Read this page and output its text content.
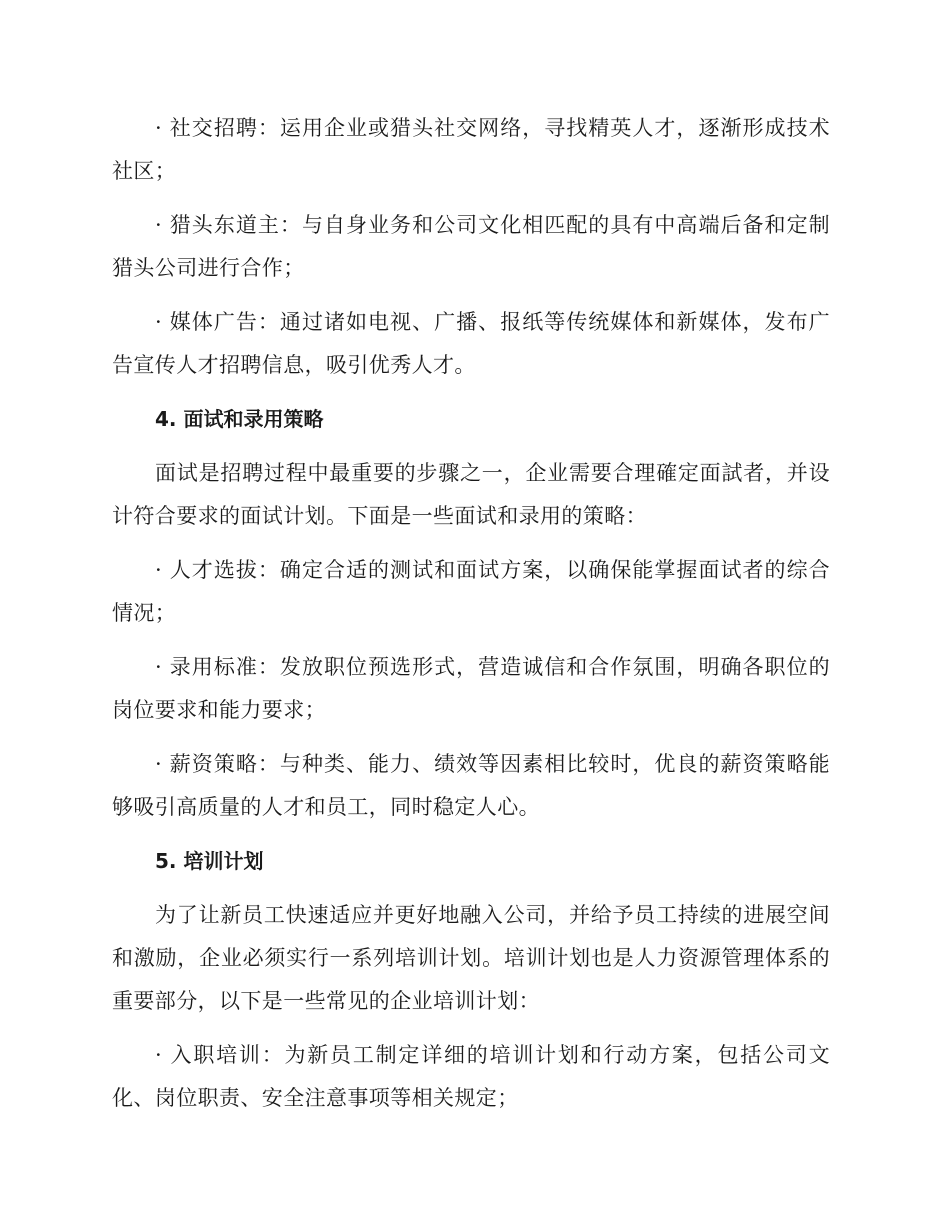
· 社交招聘：运用企业或猎头社交网络，寻找精英人才，逐渐形成技术社区；

· 猎头东道主：与自身业务和公司文化相匹配的具有中高端后备和定制猎头公司进行合作；

· 媒体广告：通过诸如电视、广播、报纸等传统媒体和新媒体，发布广告宣传人才招聘信息，吸引优秀人才。

4. 面试和录用策略

面试是招聘过程中最重要的步骤之一，企业需要合理確定面試者，并设计符合要求的面试计划。下面是一些面试和录用的策略：

· 人才选拔：确定合适的测试和面试方案，以确保能掌握面试者的综合情况；

· 录用标准：发放职位预选形式，营造诚信和合作氛围，明确各职位的岗位要求和能力要求；

· 薪资策略：与种类、能力、绩效等因素相比较时，优良的薪资策略能够吸引高质量的人才和员工，同时稳定人心。

5. 培训计划

为了让新员工快速适应并更好地融入公司，并给予员工持续的进展空间和激励，企业必须实行一系列培训计划。培训计划也是人力资源管理体系的重要部分，以下是一些常见的企业培训计划：

· 入职培训：为新员工制定详细的培训计划和行动方案，包括公司文化、岗位职责、安全注意事项等相关规定；
